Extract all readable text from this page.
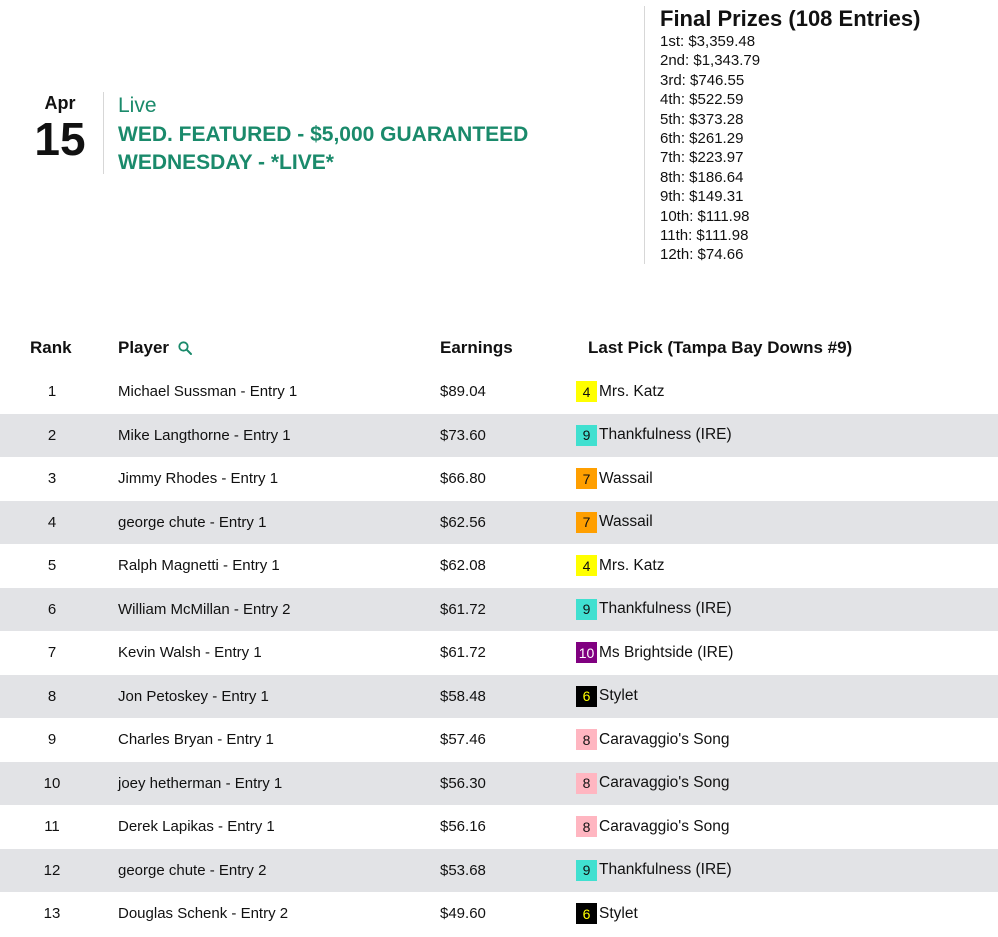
Apr
15
Live
WED. FEATURED - $5,000 GUARANTEED WEDNESDAY - *LIVE*
Final Prizes (108 Entries)
1st: $3,359.48
2nd: $1,343.79
3rd: $746.55
4th: $522.59
5th: $373.28
6th: $261.29
7th: $223.97
8th: $186.64
9th: $149.31
10th: $111.98
11th: $111.98
12th: $74.66
Rank	Player	Earnings	Last Pick (Tampa Bay Downs #9)
1	Michael Sussman - Entry 1	$89.04	4 Mrs. Katz
2	Mike Langthorne - Entry 1	$73.60	9 Thankfulness (IRE)
3	Jimmy Rhodes - Entry 1	$66.80	7 Wassail
4	george chute - Entry 1	$62.56	7 Wassail
5	Ralph Magnetti - Entry 1	$62.08	4 Mrs. Katz
6	William McMillan - Entry 2	$61.72	9 Thankfulness (IRE)
7	Kevin Walsh - Entry 1	$61.72	10 Ms Brightside (IRE)
8	Jon Petoskey - Entry 1	$58.48	6 Stylet
9	Charles Bryan - Entry 1	$57.46	8 Caravaggio's Song
10	joey hetherman - Entry 1	$56.30	8 Caravaggio's Song
11	Derek Lapikas - Entry 1	$56.16	8 Caravaggio's Song
12	george chute - Entry 2	$53.68	9 Thankfulness (IRE)
13	Douglas Schenk - Entry 2	$49.60	6 Stylet
